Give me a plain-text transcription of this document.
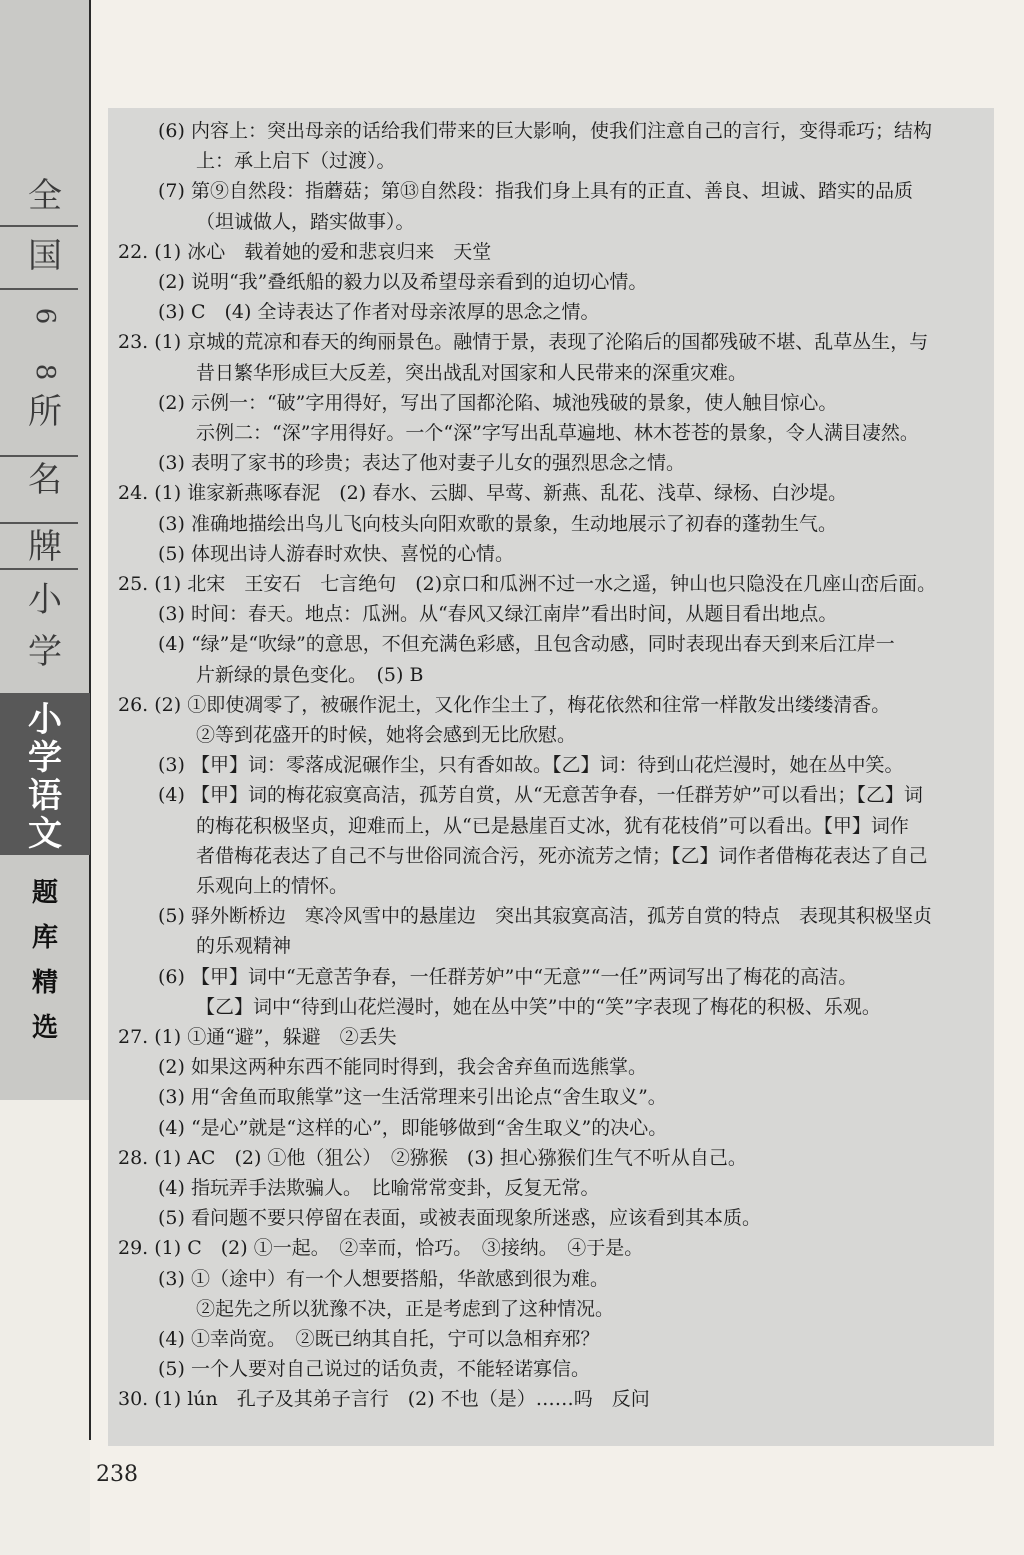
全
国
6
8
所
名
牌
小
学
小
学
语
文
题
库
精
选
(6) 内容上：突出母亲的话给我们带来的巨大影响，使我们注意自己的言行，变得乖巧；结构
上：承上启下（过渡）。
(7) 第⑨自然段：指蘑菇；第⑬自然段：指我们身上具有的正直、善良、坦诚、踏实的品质
（坦诚做人，踏实做事）。
22. (1) 冰心　载着她的爱和悲哀归来　天堂
(2) 说明“我”叠纸船的毅力以及希望母亲看到的迫切心情。
(3) C　(4) 全诗表达了作者对母亲浓厚的思念之情。
23. (1) 京城的荒凉和春天的绚丽景色。融情于景，表现了沦陷后的国都残破不堪、乱草丛生，与
昔日繁华形成巨大反差，突出战乱对国家和人民带来的深重灾难。
(2) 示例一：“破”字用得好，写出了国都沦陷、城池残破的景象，使人触目惊心。
示例二：“深”字用得好。一个“深”字写出乱草遍地、林木苍苍的景象，令人满目凄然。
(3) 表明了家书的珍贵；表达了他对妻子儿女的强烈思念之情。
24. (1) 谁家新燕啄春泥　(2) 春水、云脚、早莺、新燕、乱花、浅草、绿杨、白沙堤。
(3) 准确地描绘出鸟儿飞向枝头向阳欢歌的景象，生动地展示了初春的蓬勃生气。
(5) 体现出诗人游春时欢快、喜悦的心情。
25. (1) 北宋　王安石　七言绝句　(2)京口和瓜洲不过一水之遥，钟山也只隐没在几座山峦后面。
(3) 时间：春天。地点：瓜洲。从“春风又绿江南岸”看出时间，从题目看出地点。
(4) “绿”是“吹绿”的意思，不但充满色彩感，且包含动感，同时表现出春天到来后江岸一
片新绿的景色变化。　(5) B
26. (2) ①即使凋零了，被碾作泥土，又化作尘土了，梅花依然和往常一样散发出缕缕清香。
②等到花盛开的时候，她将会感到无比欣慰。
(3) 【甲】词：零落成泥碾作尘，只有香如故。【乙】词：待到山花烂漫时，她在丛中笑。
(4) 【甲】词的梅花寂寞高洁，孤芳自赏，从“无意苦争春，一任群芳妒”可以看出；【乙】词
的梅花积极坚贞，迎难而上，从“已是悬崖百丈冰，犹有花枝俏”可以看出。【甲】词作
者借梅花表达了自己不与世俗同流合污，死亦流芳之情；【乙】词作者借梅花表达了自己
乐观向上的情怀。
(5) 驿外断桥边　寒冷风雪中的悬崖边　突出其寂寞高洁，孤芳自赏的特点　表现其积极坚贞
的乐观精神
(6) 【甲】词中“无意苦争春，一任群芳妒”中“无意”“一任”两词写出了梅花的高洁。
【乙】词中“待到山花烂漫时，她在丛中笑”中的“笑”字表现了梅花的积极、乐观。
27. (1) ①通“避”，躲避　②丢失
(2) 如果这两种东西不能同时得到，我会舍弃鱼而选熊掌。
(3) 用“舍鱼而取熊掌”这一生活常理来引出论点“舍生取义”。
(4) “是心”就是“这样的心”，即能够做到“舍生取义”的决心。
28. (1) AC　(2) ①他（狙公）　②猕猴　(3) 担心猕猴们生气不听从自己。
(4) 指玩弄手法欺骗人。　比喻常常变卦，反复无常。
(5) 看问题不要只停留在表面，或被表面现象所迷惑，应该看到其本质。
29. (1) C　(2) ①一起。　②幸而，恰巧。　③接纳。　④于是。
(3) ①（途中）有一个人想要搭船，华歆感到很为难。
②起先之所以犹豫不决，正是考虑到了这种情况。
(4) ①幸尚宽。　②既已纳其自托，宁可以急相弃邪？
(5) 一个人要对自己说过的话负责，不能轻诺寡信。
30. (1) lún　孔子及其弟子言行　(2) 不也（是）……吗　反问
238
